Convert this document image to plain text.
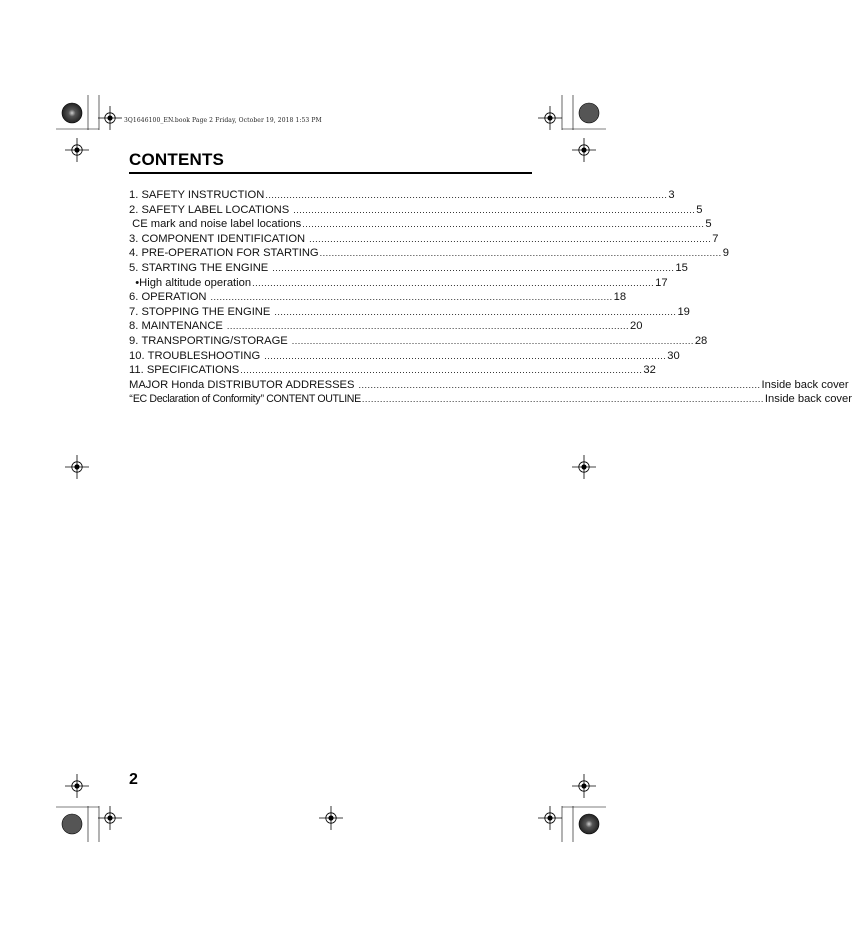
3Q1646100_EN.book Page 2 Friday, October 19, 2018 1:53 PM
CONTENTS
1.
SAFETY INSTRUCTION ...................................................................................................................................... 3
2.
SAFETY LABEL LOCATIONS ...................................................................................................................................... 5

CE mark and noise label locations ...................................................................................................................................... 5
3.
COMPONENT IDENTIFICATION ...................................................................................................................................... 7
4.
PRE-OPERATION FOR STARTING ...................................................................................................................................... 9
5.
STARTING THE ENGINE ...................................................................................................................................... 15

•High altitude operation ...................................................................................................................................... 17
6.
OPERATION ...................................................................................................................................... 18
7.
STOPPING THE ENGINE ...................................................................................................................................... 19
8.
MAINTENANCE ...................................................................................................................................... 20
9.
TRANSPORTING/STORAGE ...................................................................................................................................... 28
10.
TROUBLESHOOTING ...................................................................................................................................... 30
11.
SPECIFICATIONS ...................................................................................................................................... 32
MAJOR Honda DISTRIBUTOR ADDRESSES ...................................................................................................................................... Inside back cover
‘‘EC Declaration of Conformity’’ CONTENT OUTLINE ...................................................................................................................................... Inside back cover
2
